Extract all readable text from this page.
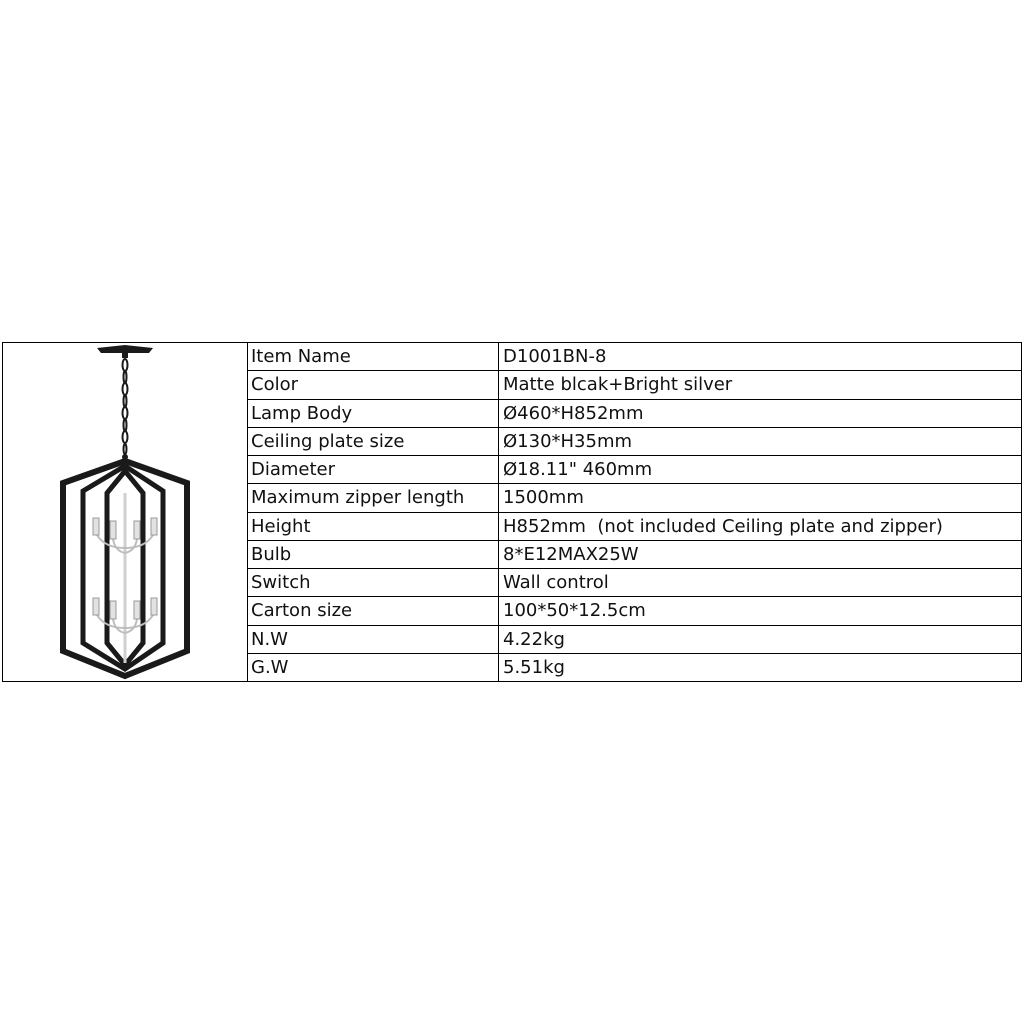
Item Name	D1001BN-8
Color	Matte blcak+Bright silver
Lamp Body	Ø460*H852mm
Ceiling plate size	Ø130*H35mm
Diameter	Ø18.11" 460mm
Maximum zipper length	1500mm
Height	H852mm  (not included Ceiling plate and zipper)
Bulb	8*E12MAX25W
Switch	Wall control
Carton size	100*50*12.5cm
N.W	4.22kg
G.W	5.51kg
